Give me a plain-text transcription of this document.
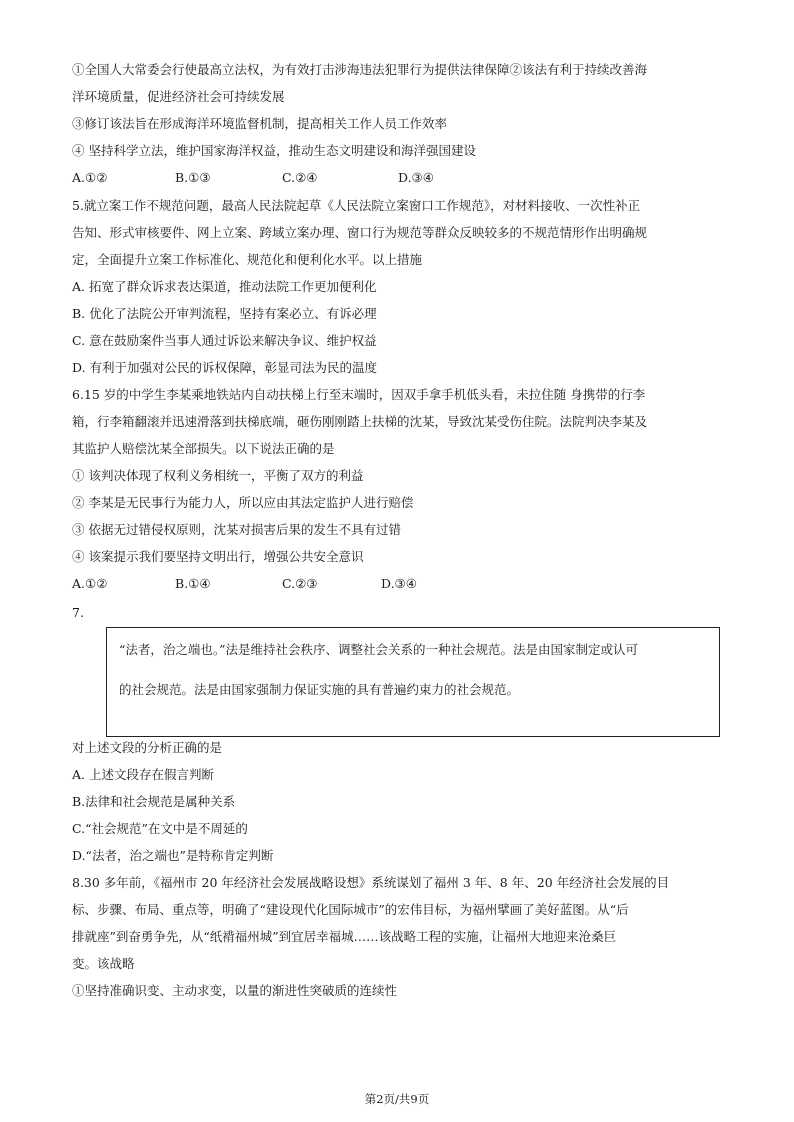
①全国人大常委会行使最高立法权，为有效打击涉海违法犯罪行为提供法律保障②该法有利于持续改善海
洋环境质量，促进经济社会可持续发展
③修订该法旨在形成海洋环境监督机制，提高相关工作人员工作效率
④ 坚持科学立法，维护国家海洋权益，推动生态文明建设和海洋强国建设
A.①②	B.①③	C.②④	D.③④
5.就立案工作不规范问题，最高人民法院起草《人民法院立案窗口工作规范》，对材料接收、一次性补正
告知、形式审核要件、网上立案、跨域立案办理、窗口行为规范等群众反映较多的不规范情形作出明确规
定，全面提升立案工作标准化、规范化和便利化水平。以上措施
A. 拓宽了群众诉求表达渠道，推动法院工作更加便利化
B. 优化了法院公开审判流程，坚持有案必立、有诉必理
C. 意在鼓励案件当事人通过诉讼来解决争议、维护权益
D. 有利于加强对公民的诉权保障，彰显司法为民的温度
6.15 岁的中学生李某乘地铁站内自动扶梯上行至末端时，因双手拿手机低头看，未拉住随 身携带的行李
箱，行李箱翻滚并迅速滑落到扶梯底端，砸伤刚刚踏上扶梯的沈某，导致沈某受伤住院。法院判决李某及
其监护人赔偿沈某全部损失。以下说法正确的是
① 该判决体现了权利义务相统一，平衡了双方的利益
② 李某是无民事行为能力人，所以应由其法定监护人进行赔偿
③ 依据无过错侵权原则，沈某对损害后果的发生不具有过错
④ 该案提示我们要坚持文明出行，增强公共安全意识
A.①②	B.①④	C.②③	D.③④
7.
“法者，治之端也。”法是维持社会秩序、调整社会关系的一种社会规范。法是由国家制定或认可
的社会规范。法是由国家强制力保证实施的具有普遍约束力的社会规范。
对上述文段的分析正确的是
A. 上述文段存在假言判断
B.法律和社会规范是属种关系
C.“社会规范”在文中是不周延的
D.“法者，治之端也”是特称肯定判断
8.30 多年前，《福州市 20 年经济社会发展战略设想》系统谋划了福州 3 年、8 年、20 年经济社会发展的目
标、步骤、布局、重点等，明确了“建设现代化国际城市”的宏伟目标，为福州擘画了美好蓝图。从“后
排就座”到奋勇争先，从“纸褙福州城”到宜居幸福城……该战略工程的实施，让福州大地迎来沧桑巨
变。该战略
①坚持准确识变、主动求变，以量的渐进性突破质的连续性
第2页/共9页
